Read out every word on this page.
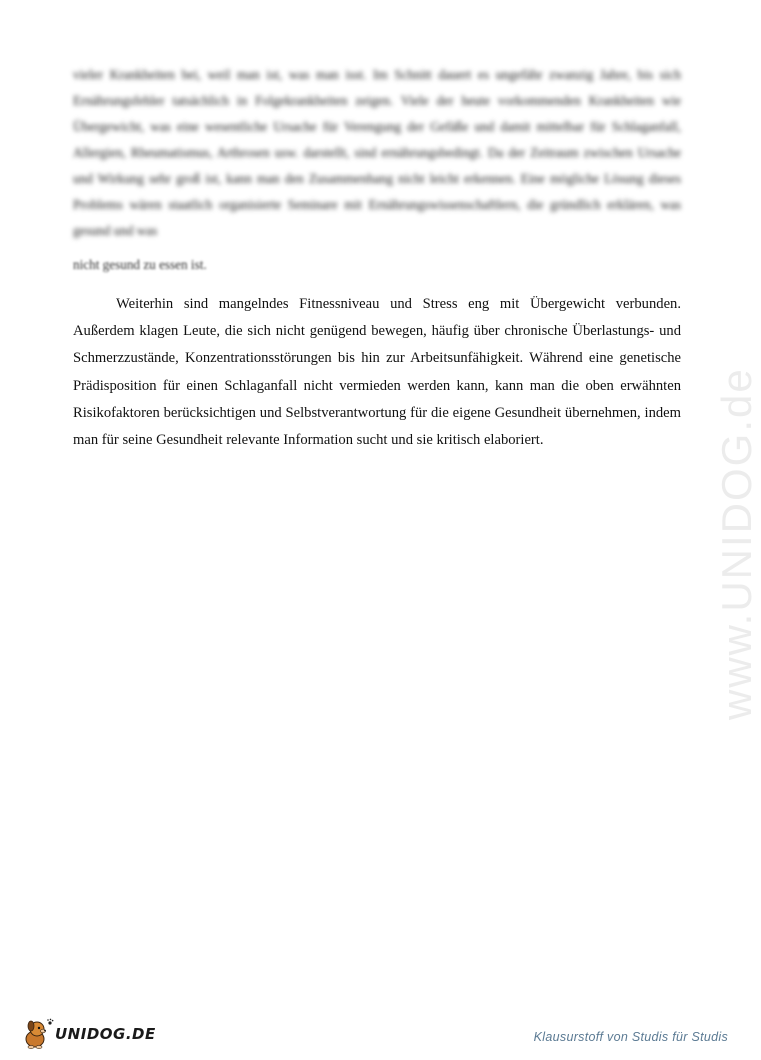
vieler Krankheiten bei, weil man ist, was man isst. Im Schnitt dauert es ungefähr zwanzig Jahre, bis sich Ernährungsfehler tatsächlich in Folgekrankheiten zeigen. Viele der heute vorkommenden Krankheiten wie Übergewicht, was eine wesentliche Ursache für Verengung der Gefäße und damit mittelbar für Schlaganfall, Allergien, Rheumatismus, Arthrosen usw. darstellt, sind ernährungsbedingt. Da der Zeitraum zwischen Ursache und Wirkung sehr groß ist, kann man den Zusammenhang nicht leicht erkennen. Eine mögliche Lösung dieses Problems wären staatlich organisierte Seminare mit Ernährungswissenschaftlern, die gründlich erklären, was gesund und was

nicht gesund zu essen ist.

Weiterhin sind mangelndes Fitnessniveau und Stress eng mit Übergewicht verbunden. Außerdem klagen Leute, die sich nicht genügend bewegen, häufig über chronische Überlastungs- und Schmerzzustände, Konzentrationsstörungen bis hin zur Arbeitsunfähigkeit. Während eine genetische Prädisposition für einen Schlaganfall nicht vermieden werden kann, kann man die oben erwähnten Risikofaktoren berücksichtigen und Selbstverantwortung für die eigene Gesundheit übernehmen, indem man für seine Gesundheit relevante Information sucht und sie kritisch elaboriert.	www.UNIDOG.de
UNIDOG.DE	Klausurstoff von Studis für Studis
